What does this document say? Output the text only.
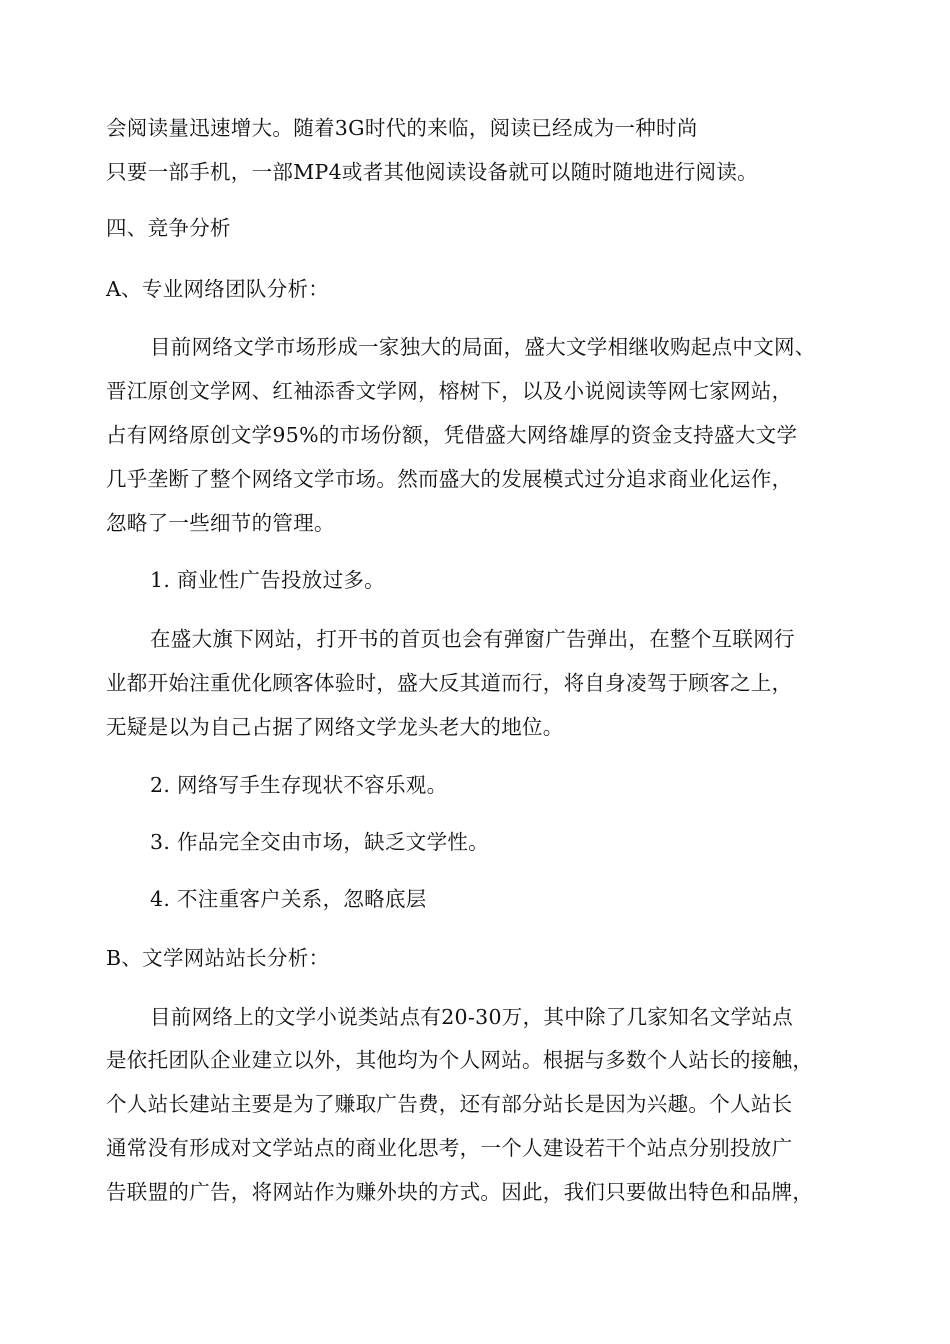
会阅读量迅速增大。随着3G时代的来临，阅读已经成为一种时尚
只要一部手机，一部MP4或者其他阅读设备就可以随时随地进行阅读。
四、竞争分析
A、专业网络团队分析：
目前网络文学市场形成一家独大的局面，盛大文学相继收购起点中文网、
晋江原创文学网、红袖添香文学网，榕树下，以及小说阅读等网七家网站，
占有网络原创文学95%的市场份额，凭借盛大网络雄厚的资金支持盛大文学
几乎垄断了整个网络文学市场。然而盛大的发展模式过分追求商业化运作，
忽略了一些细节的管理。
1. 商业性广告投放过多。
在盛大旗下网站，打开书的首页也会有弹窗广告弹出，在整个互联网行
业都开始注重优化顾客体验时，盛大反其道而行，将自身凌驾于顾客之上，
无疑是以为自己占据了网络文学龙头老大的地位。
2. 网络写手生存现状不容乐观。
3. 作品完全交由市场，缺乏文学性。
4. 不注重客户关系，忽略底层
B、文学网站站长分析：
目前网络上的文学小说类站点有20-30万，其中除了几家知名文学站点
是依托团队企业建立以外，其他均为个人网站。根据与多数个人站长的接触，
个人站长建站主要是为了赚取广告费，还有部分站长是因为兴趣。个人站长
通常没有形成对文学站点的商业化思考，一个人建设若干个站点分别投放广
告联盟的广告，将网站作为赚外块的方式。因此，我们只要做出特色和品牌，
